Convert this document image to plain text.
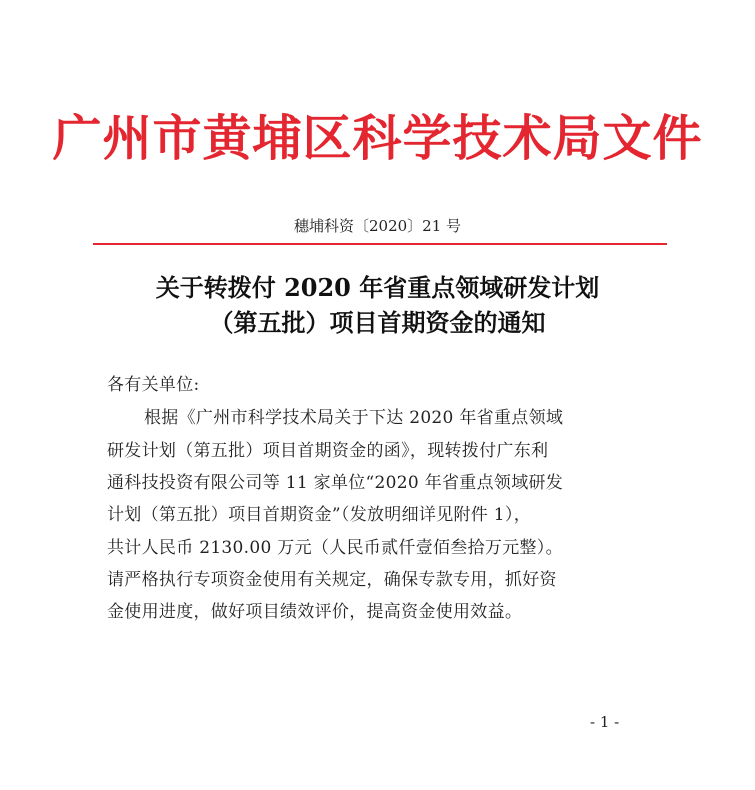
广州市黄埔区科学技术局文件
穗埔科资〔2020〕21 号
关于转拨付 2020 年省重点领域研发计划
（第五批）项目首期资金的通知
各有关单位:
根据《广州市科学技术局关于下达 2020 年省重点领域
研发计划（第五批）项目首期资金的函》，现转拨付广东利
通科技投资有限公司等 11 家单位“2020 年省重点领域研发
计划（第五批）项目首期资金”（发放明细详见附件 1），
共计人民币 2130.00 万元（人民币贰仟壹佰叁拾万元整）。
请严格执行专项资金使用有关规定，确保专款专用，抓好资
金使用进度，做好项目绩效评价，提高资金使用效益。
- 1 -
